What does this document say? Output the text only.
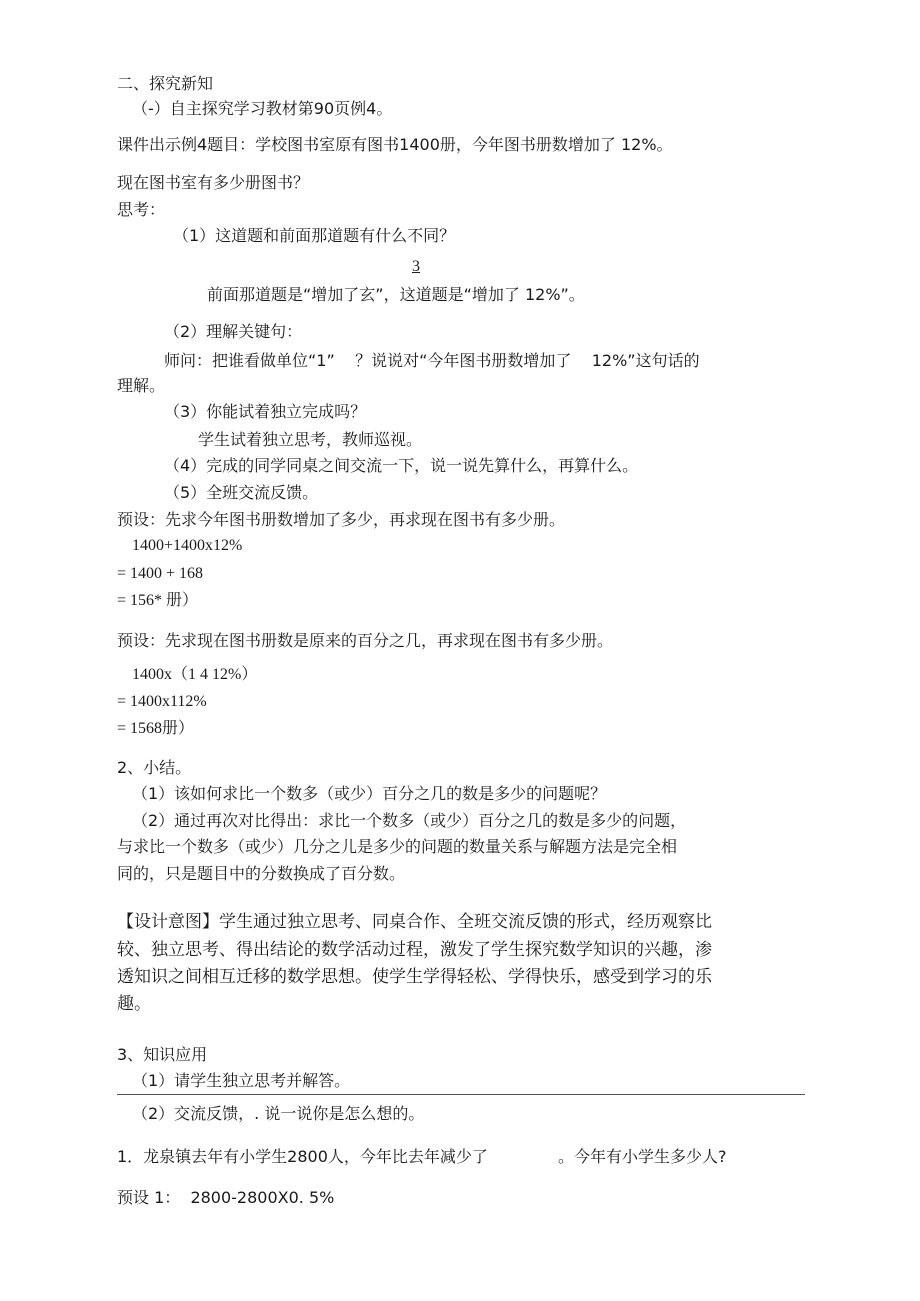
二、探究新知
（-）自主探究学习教材第90页例4。
课件出示例4题目：学校图书室原有图书1400册，今年图书册数增加了 12%。
现在图书室有多少册图书？
思考：
（1）这道题和前面那道题有什么不同？
3
前面那道题是“增加了玄”，这道题是“增加了 12%”。
（2）理解关键句：
师问：把谁看做单位“1”    ？说说对“今年图书册数增加了    12%”这句话的
理解。
（3）你能试着独立完成吗？
学生试着独立思考，教师巡视。
（4）完成的同学同桌之间交流一下，说一说先算什么，再算什么。
（5）全班交流反馈。
预设：先求今年图书册数增加了多少，再求现在图书有多少册。
1400+1400x12%
= 1400 + 168
= 156* 册）
预设：先求现在图书册数是原来的百分之几，再求现在图书有多少册。
1400x（1 4 12%）
= 1400x112%
= 1568册）
2、小结。
（1）该如何求比一个数多（或少）百分之几的数是多少的问题呢？
（2）通过再次对比得出：求比一个数多（或少）百分之几的数是多少的问题，
与求比一个数多（或少）几分之儿是多少的问题的数量关系与解题方法是完全相
同的，只是题目中的分数换成了百分数。
【设计意图】学生通过独立思考、同桌合作、全班交流反馈的形式，经历观察比
较、独立思考、得出结论的数学活动过程，激发了学生探究数学知识的兴趣，渗
透知识之间相互迁移的数学思想。使学生学得轻松、学得快乐，感受到学习的乐
趣。
3、知识应用
（1）请学生独立思考并解答。
（2）交流反馈，. 说一说你是怎么想的。
1．龙泉镇去年有小学生2800人，今年比去年减少了	。今年有小学生多少人?
预设 1：  2800-2800X0. 5%
